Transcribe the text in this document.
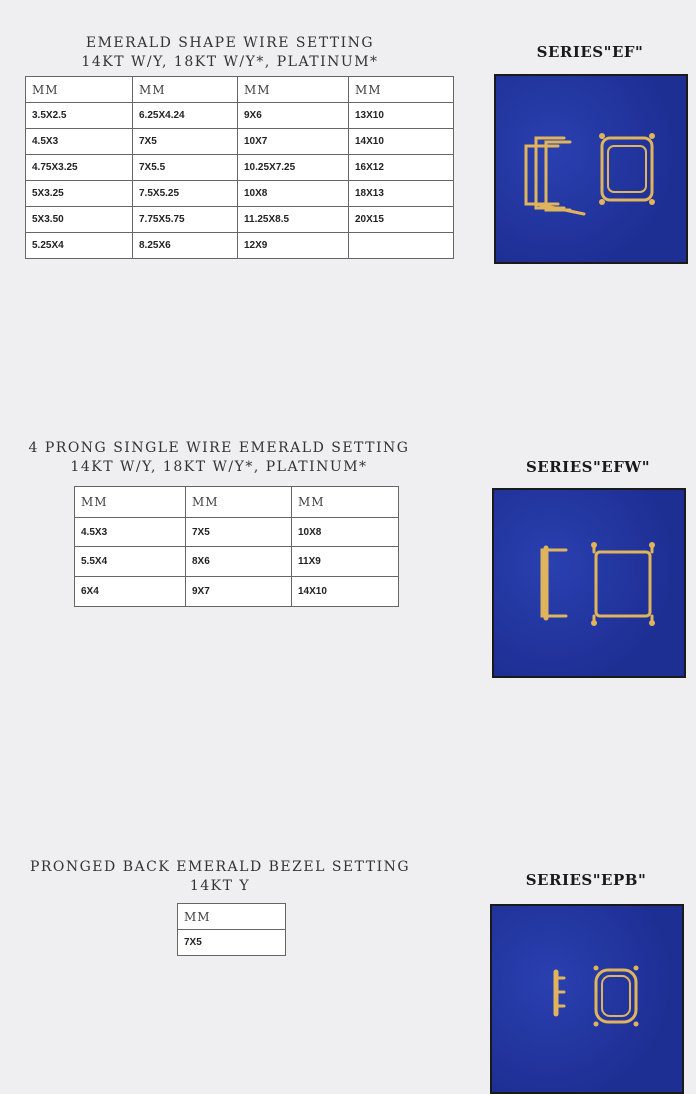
EMERALD SHAPE WIRE SETTING
14KT W/Y, 18KT W/Y*, PLATINUM*
SERIES"EF"
MM	MM	MM	MM
3.5X2.5	6.25X4.24	9X6	13X10
4.5X3	7X5	10X7	14X10
4.75X3.25	7X5.5	10.25X7.25	16X12
5X3.25	7.5X5.25	10X8	18X13
5X3.50	7.75X5.75	11.25X8.5	20X15
5.25X4	8.25X6	12X9	
4 PRONG SINGLE WIRE EMERALD SETTING
14KT W/Y, 18KT W/Y*, PLATINUM*	SERIES"EFW"
MM	MM	MM
4.5X3	7X5	10X8
5.5X4	8X6	11X9
6X4	9X7	14X10
PRONGED BACK EMERALD BEZEL SETTING
14KT Y	SERIES"EPB"
MM
7X5
